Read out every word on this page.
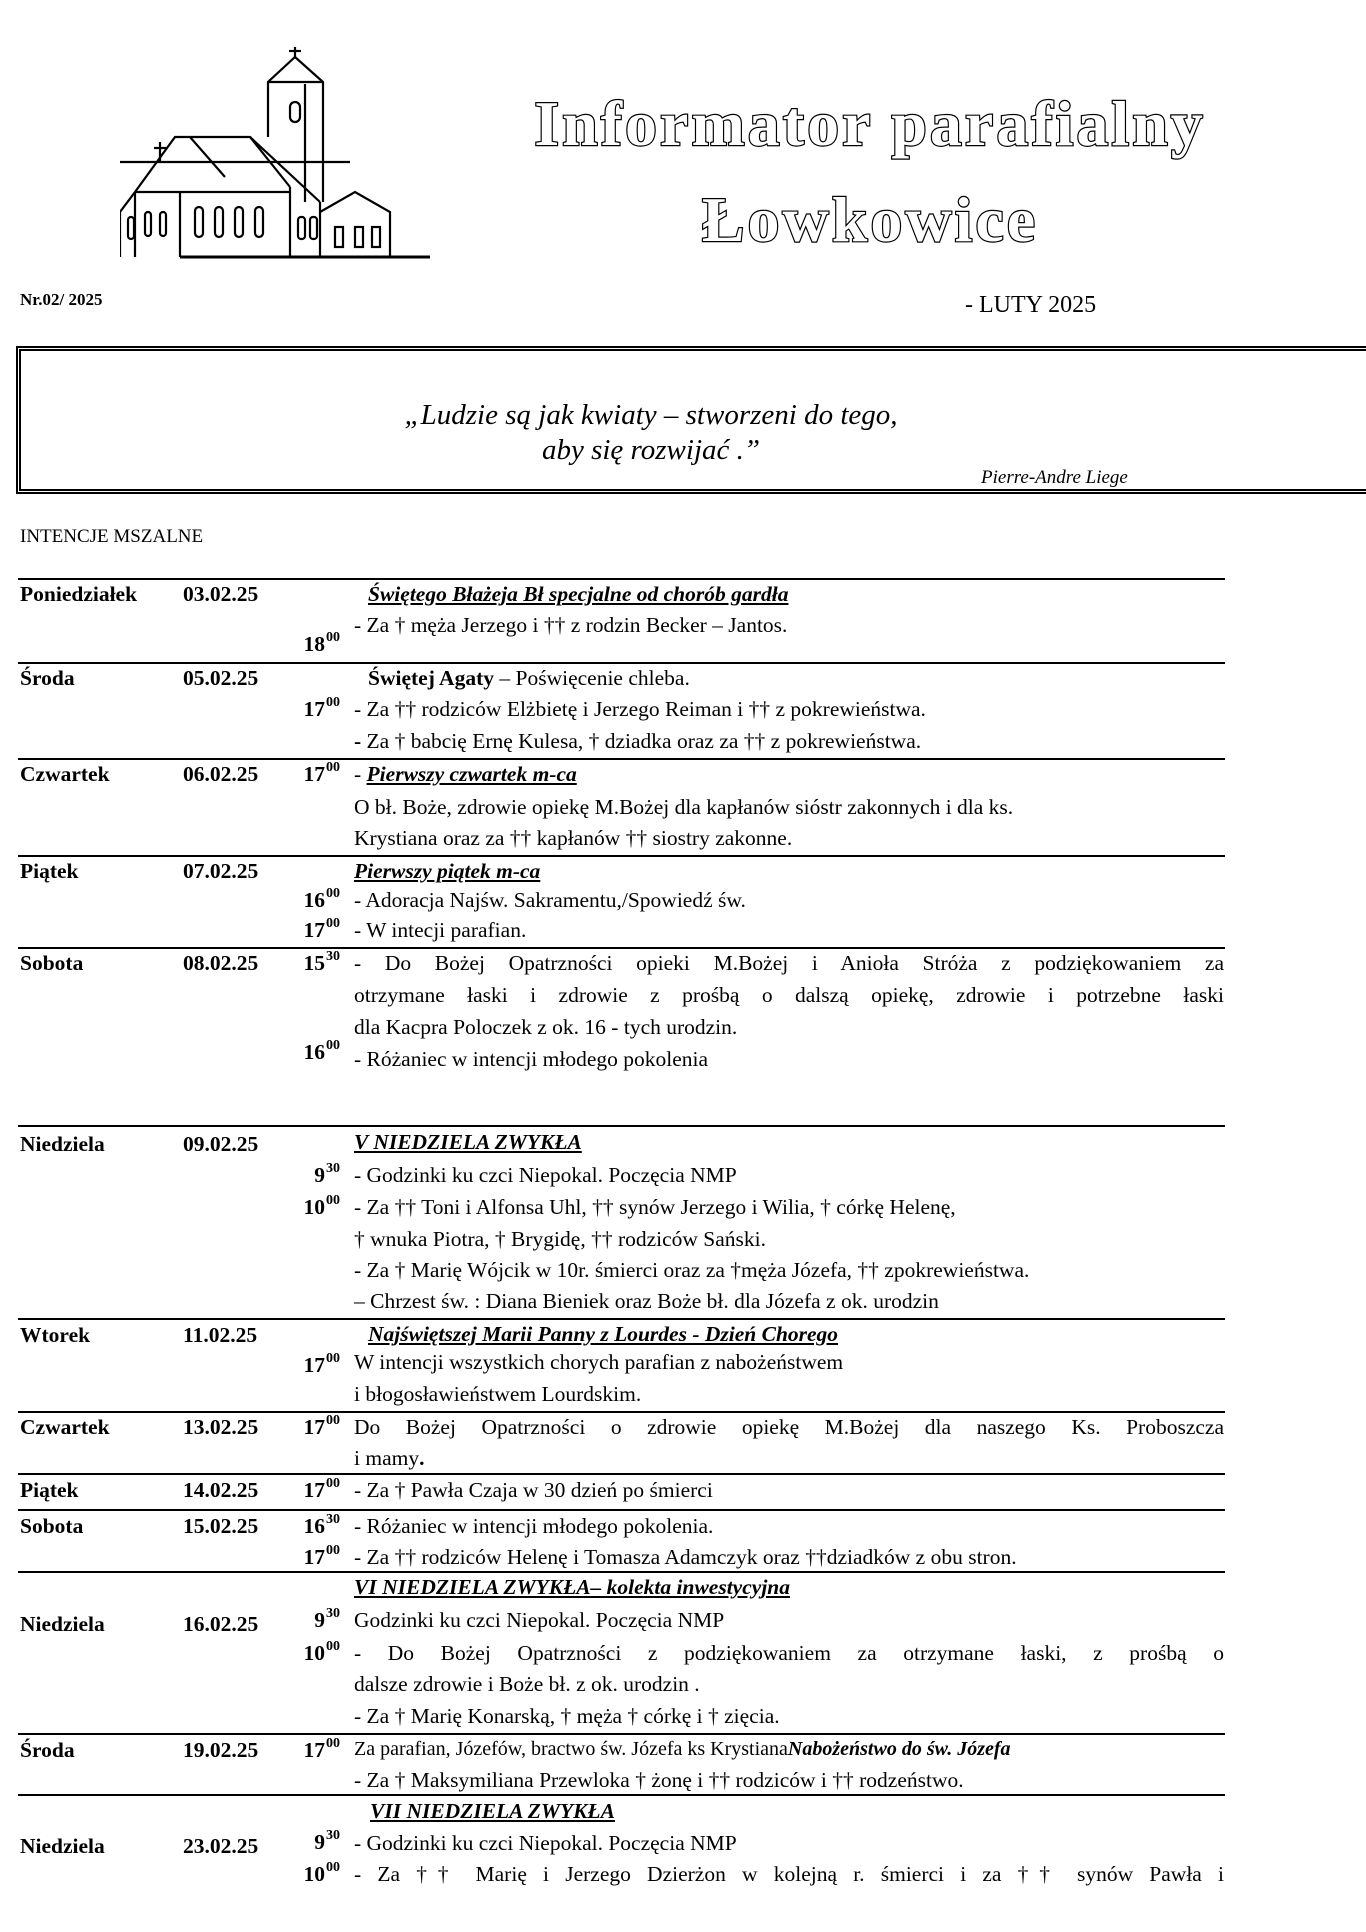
Informator parafialny
Łowkowice
Nr.02/ 2025	- LUTY 2025
„Ludzie są jak kwiaty – stworzeni do tego,
aby się rozwijać .”
Pierre-Andre Liege
INTENCJE MSZALNE
Poniedziałek 03.02.25	Świętego Błażeja Bł specjalne od chorób gardła
$18^{00}$
- Za † męża Jerzego i †† z rodzin Becker – Jantos.
Środa	05.02.25	Świętej Agaty – Poświęcenie chleba.
$17^{00}$ - Za †† rodziców Elżbietę i Jerzego Reiman i †† z pokrewieństwa.
- Za † babcię Ernę Kulesa, † dziadka oraz za †† z pokrewieństwa.
Czwartek	06.02.25	$17^{00}$ - Pierwszy czwartek m-ca
O bł. Boże, zdrowie opiekę M.Bożej dla kapłanów sióstr zakonnych i dla ks.
Krystiana oraz za †† kapłanów †† siostry zakonne.
Piątek	07.02.25	Pierwszy piątek m-ca
$16^{00}$ - Adoracja Najśw. Sakramentu,/Spowiedź św.
$17^{00}$ - W intecji parafian.
Sobota	08.02.25	$15^{30}$ - Do Bożej Opatrzności opieki M.Bożej i Anioła Stróża z podziękowaniem za
otrzymane łaski i zdrowie z prośbą o dalszą opiekę, zdrowie i potrzebne łaski
dla Kacpra Poloczek z ok. 16 - tych urodzin.
$16^{00}$
- Różaniec w intencji młodego pokolenia
Niedziela	09.02.25	V NIEDZIELA ZWYKŁA
$9^{30}$ - Godzinki ku czci Niepokal. Poczęcia NMP
$10^{00}$ - Za †† Toni i Alfonsa Uhl, †† synów Jerzego i Wilia, † córkę Helenę,
† wnuka Piotra, † Brygidę, †† rodziców Sański.
- Za † Marię Wójcik w 10r. śmierci oraz za †męża Józefa, †† zpokrewieństwa.
– Chrzest św. : Diana Bieniek oraz Boże bł. dla Józefa z ok. urodzin
Wtorek	11.02.25	Najświętszej Marii Panny z Lourdes - Dzień Chorego
$17^{00}$ W intencji wszystkich chorych parafian z nabożeństwem
i błogosławieństwem Lourdskim.
Czwartek	13.02.25	$17^{00}$ Do Bożej Opatrzności o zdrowie opiekę M.Bożej dla naszego Ks. Proboszcza
i mamy.
Piątek	14.02.25	$17^{00}$ - Za † Pawła Czaja w 30 dzień po śmierci
Sobota	15.02.25	$16^{30}$ - Różaniec w intencji młodego pokolenia.
$17^{00}$ - Za †† rodziców Helenę i Tomasza Adamczyk oraz ††dziadków z obu stron.
VI NIEDZIELA ZWYKŁA– kolekta inwestycyjna
Niedziela	16.02.25	$9^{30}$ Godzinki ku czci Niepokal. Poczęcia NMP
$10^{00}$ - Do Bożej Opatrzności z podziękowaniem za otrzymane łaski, z prośbą o
dalsze zdrowie i Boże bł. z ok. urodzin .
- Za † Marię Konarską, † męża † córkę i † zięcia.
Środa	19.02.25	$17^{00}$ Za parafian, Józefów, bractwo św. Józefa ks KrystianaNabożeństwo do św. Józefa
- Za † Maksymiliana Przewloka † żonę i †† rodziców i †† rodzeństwo.
VII NIEDZIELA ZWYKŁA
Niedziela	23.02.25	$9^{30}$ - Godzinki ku czci Niepokal. Poczęcia NMP
$10^{00}$ - Za †† Marię i Jerzego Dzierżon w kolejną r. śmierci i za †† synów Pawła i
